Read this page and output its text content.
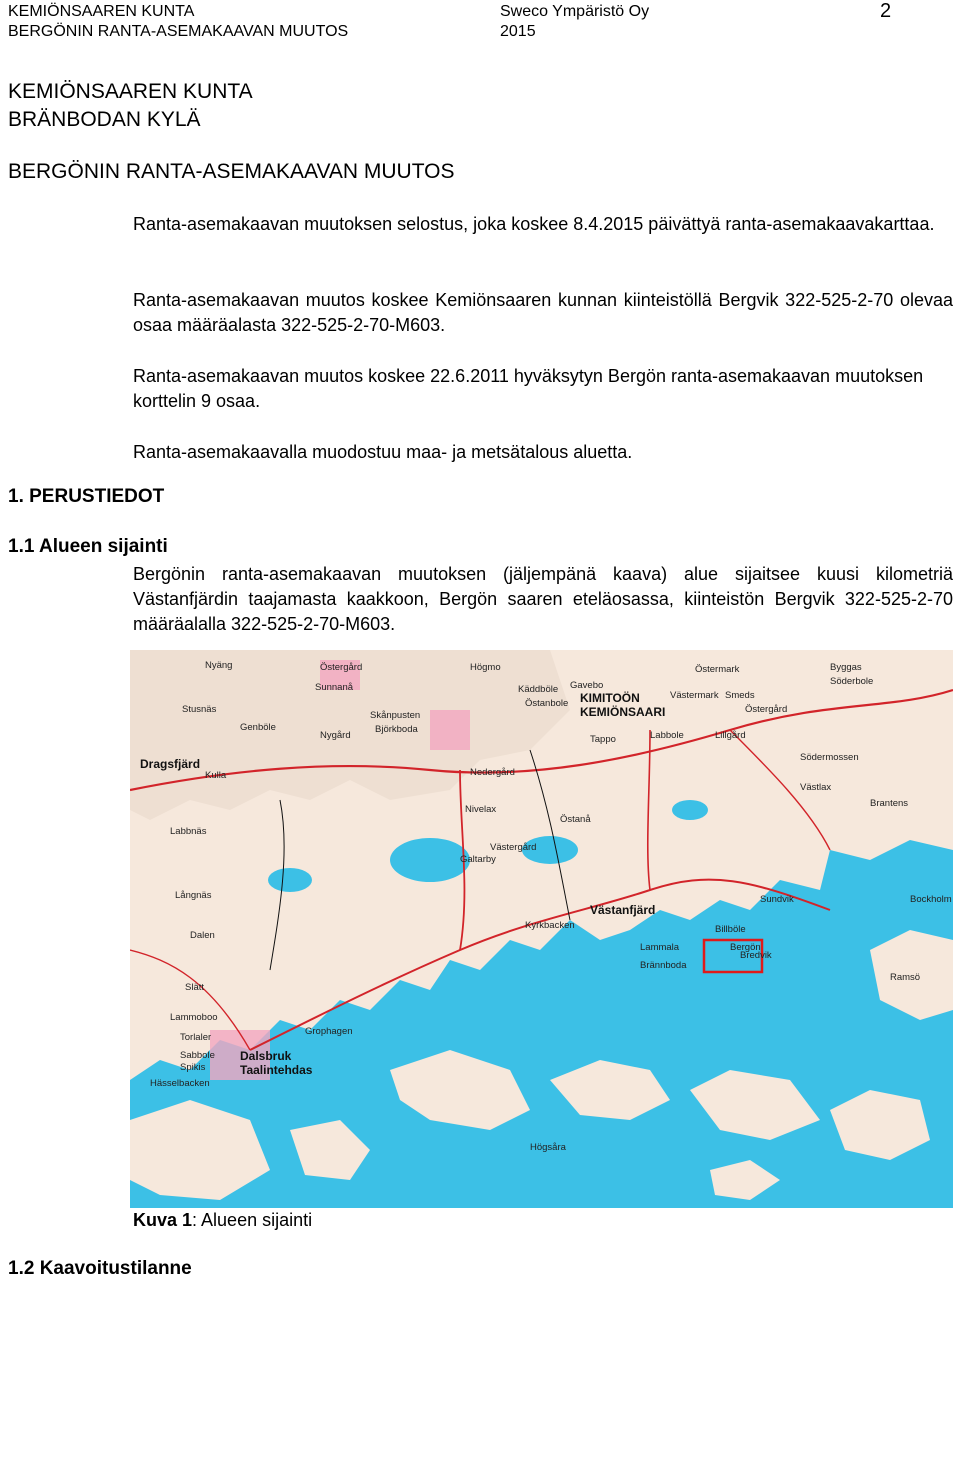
KEMIÖNSAAREN KUNTA
BERGÖNIN RANTA-ASEMAKAAVAN MUUTOS
Sweco Ympäristö Oy
2015
2
KEMIÖNSAAREN KUNTA
BRÄNBODAN KYLÄ
BERGÖNIN RANTA-ASEMAKAAVAN MUUTOS

Ranta-asemakaavan muutoksen selostus, joka koskee 8.4.2015 päivättyä ranta-asemakaavakarttaa.

Ranta-asemakaavan muutos koskee Kemiönsaaren kunnan kiinteistöllä Bergvik 322-525-2-70 olevaa osaa määräalasta 322-525-2-70-M603.

Ranta-asemakaavan muutos koskee 22.6.2011 hyväksytyn Bergön ranta-asemakaavan muutoksen korttelin 9 osaa.

Ranta-asemakaavalla muodostuu maa- ja metsätalous aluetta.

1. PERUSTIEDOT
1.1 Alueen sijainti

Bergönin ranta-asemakaavan muutoksen (jäljempänä kaava) alue sijaitsee kuusi kilometriä Västanfjärdin taajamasta kaakkoon, Bergön saaren eteläosassa, kiinteistön Bergvik 322-525-2-70 määräalalla 322-525-2-70-M603.

Nyäng	Östergård
Sunnanå
Högmo
Käddböle
Östanbole
Gavebo
Östermark	Byggas
Söderbole
Västermark Smeds
Östergård
KIMITOÖN
KEMIÖNSAARI
Skånpusten
Björkboda
Tappo	Labbole	Lillgård
Södermossen
Genböle
Nygård
Stusnäs
Dragsfjärd
Kulla
Nivelax
Nedergård
Östanå
Västlax
Brantens
Labbnäs
Galtarby
Västergård
Västanfjärd
Sundvik	Bockholm
Kyrkbacken
Långnäs
Dalen
Lammala
Bredvik
Billböle
Brännboda
Ramsö
Slätt
Lammoboo
Torlaler
Grophagen
Sabbole Dalsbruk
Taalintehdas
Spikis
Hässelbacken
Bergön
Högsåra
Kuva 1: Alueen sijainti
1.2 Kaavoitustilanne
